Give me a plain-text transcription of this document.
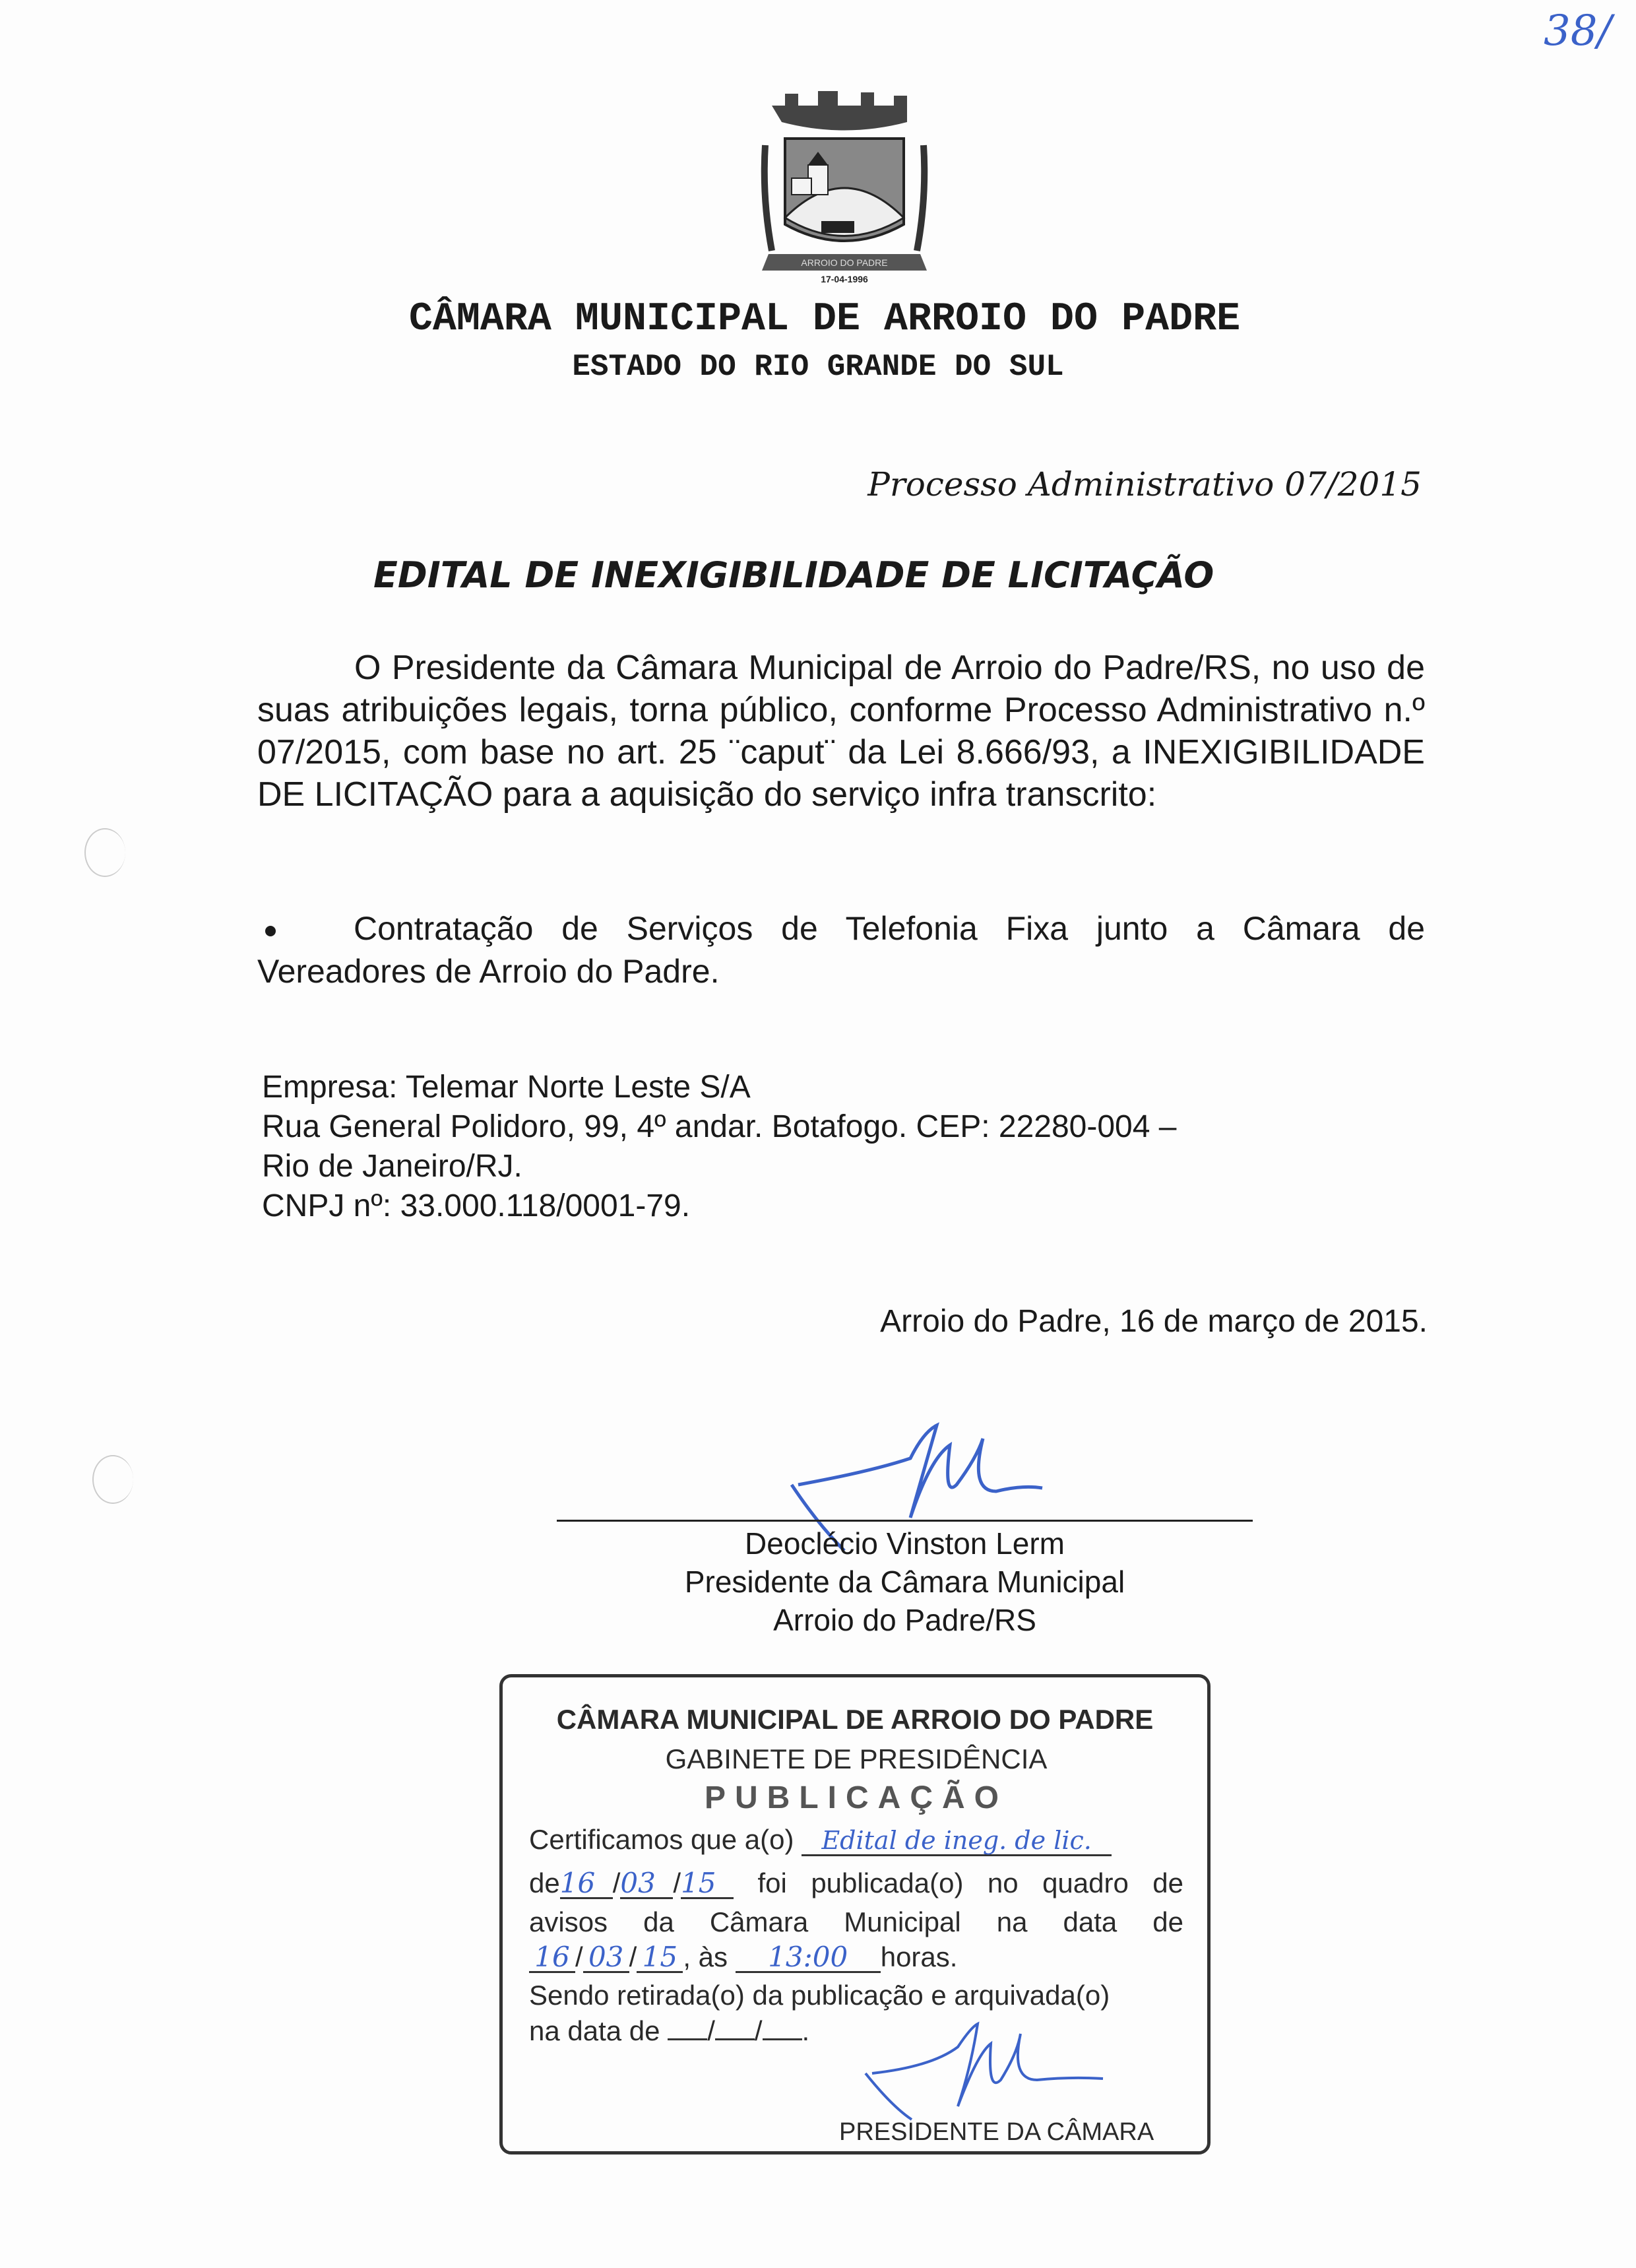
38/
ARROIO DO PADRE
17-04-1996
CÂMARA MUNICIPAL DE ARROIO DO PADRE
ESTADO DO RIO GRANDE DO SUL
Processo Administrativo 07/2015
EDITAL DE INEXIGIBILIDADE DE LICITAÇÃO
O Presidente da Câmara Municipal de Arroio do Padre/RS, no uso de suas atribuições legais, torna público, conforme Processo Administrativo n.º 07/2015, com base no art. 25 ¨caput¨ da Lei 8.666/93, a INEXIGIBILIDADE DE LICITAÇÃO para a aquisição do serviço infra transcrito:
Contratação de Serviços de Telefonia Fixa junto a Câmara de Vereadores de Arroio do Padre.
Empresa: Telemar Norte Leste S/A
Rua General Polidoro, 99, 4º andar. Botafogo. CEP: 22280-004 –
Rio de Janeiro/RJ.
CNPJ nº: 33.000.118/0001-79.
Arroio do Padre, 16 de março de 2015.
Deoclécio Vinston Lerm
Presidente da Câmara Municipal
Arroio do Padre/RS
CÂMARA MUNICIPAL DE ARROIO DO PADRE
GABINETE DE PRESIDÊNCIA
PUBLICAÇÃO
Certificamos que a(o) Edital de ineg. de lic.
de16 /03 /15 foi publicada(o) no quadro de
avisos da Câmara Municipal na data de
16 / 03 / 15 , às 13:00 horas.
Sendo retirada(o) da publicação e arquivada(o)
na data de / / .
PRESIDENTE DA CÂMARA
